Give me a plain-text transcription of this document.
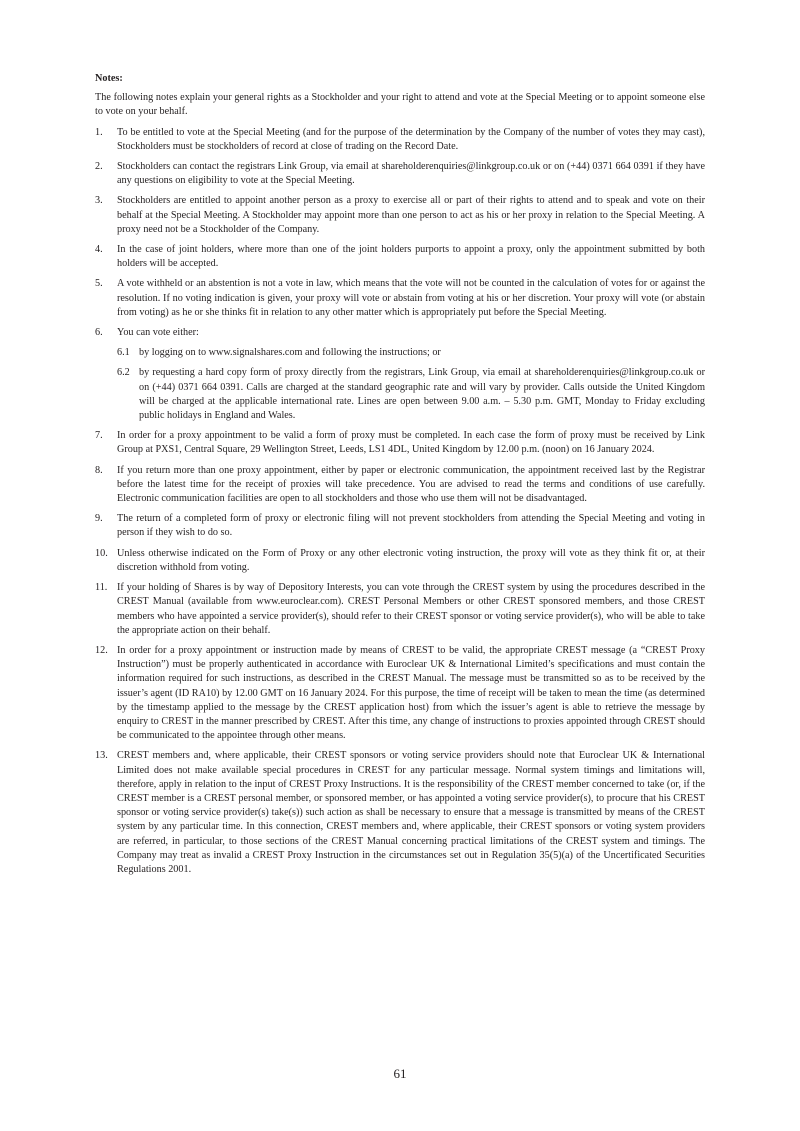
Notes:

The following notes explain your general rights as a Stockholder and your right to attend and vote at the Special Meeting or to appoint someone else to vote on your behalf.

1.	To be entitled to vote at the Special Meeting (and for the purpose of the determination by the Company of the number of votes they may cast), Stockholders must be stockholders of record at close of trading on the Record Date.

2.	Stockholders can contact the registrars Link Group, via email at shareholderenquiries@linkgroup.co.uk or on (+44) 0371 664 0391 if they have any questions on eligibility to vote at the Special Meeting.

3.	Stockholders are entitled to appoint another person as a proxy to exercise all or part of their rights to attend and to speak and vote on their behalf at the Special Meeting. A Stockholder may appoint more than one person to act as his or her proxy in relation to the Special Meeting. A proxy need not be a Stockholder of the Company.

4.	In the case of joint holders, where more than one of the joint holders purports to appoint a proxy, only the appointment submitted by both holders will be accepted.

5.	A vote withheld or an abstention is not a vote in law, which means that the vote will not be counted in the calculation of votes for or against the resolution. If no voting indication is given, your proxy will vote or abstain from voting at his or her discretion. Your proxy will vote (or abstain from voting) as he or she thinks fit in relation to any other matter which is appropriately put before the Special Meeting.

6.	You can vote either:

6.1 by logging on to www.signalshares.com and following the instructions; or
6.2 by requesting a hard copy form of proxy directly from the registrars, Link Group, via email at shareholderenquiries@linkgroup.co.uk or on (+44) 0371 664 0391. Calls are charged at the standard geographic rate and will vary by provider. Calls outside the United Kingdom will be charged at the applicable international rate. Lines are open between 9.00 a.m. – 5.30 p.m. GMT, Monday to Friday excluding public holidays in England and Wales.
7.	In order for a proxy appointment to be valid a form of proxy must be completed. In each case the form of proxy must be received by Link Group at PXS1, Central Square, 29 Wellington Street, Leeds, LS1 4DL, United Kingdom by 12.00 p.m. (noon) on 16 January 2024.

8.	If you return more than one proxy appointment, either by paper or electronic communication, the appointment received last by the Registrar before the latest time for the receipt of proxies will take precedence. You are advised to read the terms and conditions of use carefully. Electronic communication facilities are open to all stockholders and those who use them will not be disadvantaged.

9.	The return of a completed form of proxy or electronic filing will not prevent stockholders from attending the Special Meeting and voting in person if they wish to do so.

10. Unless otherwise indicated on the Form of Proxy or any other electronic voting instruction, the proxy will vote as they think fit or, at their discretion withhold from voting.

11. If your holding of Shares is by way of Depository Interests, you can vote through the CREST system by using the procedures described in the CREST Manual (available from www.euroclear.com). CREST Personal Members or other CREST sponsored members, and those CREST members who have appointed a service provider(s), should refer to their CREST sponsor or voting service provider(s), who will be able to take the appropriate action on their behalf.

12. In order for a proxy appointment or instruction made by means of CREST to be valid, the appropriate CREST message (a “CREST Proxy Instruction”) must be properly authenticated in accordance with Euroclear UK & International Limited’s specifications and must contain the information required for such instructions, as described in the CREST Manual. The message must be transmitted so as to be received by the issuer’s agent (ID RA10) by 12.00 GMT on 16 January 2024. For this purpose, the time of receipt will be taken to mean the time (as determined by the timestamp applied to the message by the CREST application host) from which the issuer’s agent is able to retrieve the message by enquiry to CREST in the manner prescribed by CREST. After this time, any change of instructions to proxies appointed through CREST should be communicated to the appointee through other means.

13. CREST members and, where applicable, their CREST sponsors or voting service providers should note that Euroclear UK & International Limited does not make available special procedures in CREST for any particular message. Normal system timings and limitations will, therefore, apply in relation to the input of CREST Proxy Instructions. It is the responsibility of the CREST member concerned to take (or, if the CREST member is a CREST personal member, or sponsored member, or has appointed a voting service provider(s), to procure that his CREST sponsor or voting service provider(s) take(s)) such action as shall be necessary to ensure that a message is transmitted by means of the CREST system by any particular time. In this connection, CREST members and, where applicable, their CREST sponsors or voting system providers are referred, in particular, to those sections of the CREST Manual concerning practical limitations of the CREST system and timings. The Company may treat as invalid a CREST Proxy Instruction in the circumstances set out in Regulation 35(5)(a) of the Uncertificated Securities Regulations 2001.

61
